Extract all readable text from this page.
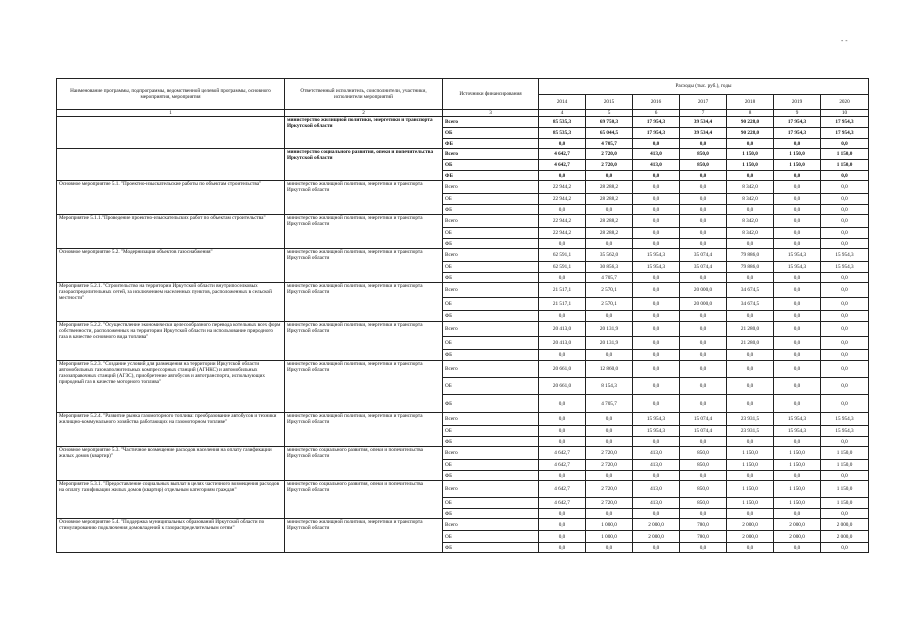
- -
Наименование программы, подпрограммы, ведомственной целевой программы, основного мероприятия, мероприятия	Ответственный исполнитель, соисполнители, участники, исполнители мероприятий	Источники финансирования	Расходы (тыс. руб.), годы						
			2014	2015	2016	2017	2018	2019	2020
1	2	3	4	5	6	7	8	9	10
	министерство жилищной политики, энергетики и транспорта Иркутской области	Всего	85 535,3	69 750,3	17 954,3	39 534,4	90 228,0	17 954,3	17 954,3
		ОБ	85 535,3	65 044,5	17 954,3	39 534,4	90 228,0	17 954,3	17 954,3
		ФБ	0,0	4 705,7	0,0	0,0	0,0	0,0	0,0
	министерство социального развития, опеки и попечительства Иркутской области	Всего	4 642,7	2 720,0	413,0	850,0	1 150,0	1 150,0	1 150,0
		ОБ	4 642,7	2 720,0	413,0	850,0	1 150,0	1 150,0	1 150,0
		ФБ	0,0	0,0	0,0	0,0	0,0	0,0	0,0
Основное мероприятие 5.1. "Проектно-изыскательские работы по объектам строительства"	министерство жилищной политики, энергетики и транспорта Иркутской области	Всего	22 944,2	28 288,2	0,0	0,0	8 342,0	0,0	0,0
		ОБ	22 944,2	28 288,2	0,0	0,0	8 342,0	0,0	0,0
		ФБ	0,0	0,0	0,0	0,0	0,0	0,0	0,0
Мероприятие 5.1.1."Проведение проектно-изыскательских работ по объектам строительства"	министерство жилищной политики, энергетики и транспорта Иркутской области	Всего	22 944,2	28 288,2	0,0	0,0	8 342,0	0,0	0,0
		ОБ	22 944,2	28 288,2	0,0	0,0	8 342,0	0,0	0,0
		ФБ	0,0	0,0	0,0	0,0	0,0	0,0	0,0
Основное мероприятие 5.2. "Модернизация объектов газоснабжения"	министерство жилищной политики, энергетики и транспорта Иркутской области	Всего	62 591,1	35 562,0	15 954,3	35 074,4	79 886,0	15 954,3	15 954,3
		ОБ	62 591,1	30 856,3	15 954,3	35 074,4	79 886,0	15 954,3	15 954,3
		ФБ	0,0	4 705,7	0,0	0,0	0,0	0,0	0,0
Мероприятие 5.2.1. "Строительство на территории Иркутской области внутрипоселковых газораспределительных сетей, за исключением населенных пунктов, расположенных в сельской местности"	министерство жилищной политики, энергетики и транспорта Иркутской области	Всего	21 517,1	2 570,1	0,0	20 000,0	34 674,5	0,0	0,0
		ОБ	21 517,1	2 570,1	0,0	20 000,0	34 674,5	0,0	0,0
		ФБ	0,0	0,0	0,0	0,0	0,0	0,0	0,0
Мероприятие 5.2.2. "Осуществление экономически целесообразного перевода котельных всех форм собственности, расположенных на территории Иркутской области на использование природного газа в качестве основного вида топлива"	министерство жилищной политики, энергетики и транспорта Иркутской области	Всего	20 413,0	20 131,9	0,0	0,0	21 280,0	0,0	0,0
		ОБ	20 413,0	20 131,9	0,0	0,0	21 280,0	0,0	0,0
		ФБ	0,0	0,0	0,0	0,0	0,0	0,0	0,0
Мероприятие 5.2.3. "Создание условий для размещения на территории Иркутской области автомобильных газонаполнительных компрессорных станций (АГНКС) и автомобильных газозаправочных станций (АГЗС), приобретение автобусов и автотранспорта, использующих природный газ в качестве моторного топлива"	министерство жилищной политики, энергетики и транспорта Иркутской области	Всего	20 661,0	12 860,0	0,0	0,0	0,0	0,0	0,0
		ОБ	20 661,0	8 154,3	0,0	0,0	0,0	0,0	0,0
		ФБ	0,0	4 705,7	0,0	0,0	0,0	0,0	0,0
Мероприятие 5.2.4. "Развитие рынка газомоторного топлива: преобразование автобусов и техники жилищно-коммунального хозяйства работающих на газомоторном топливе"	министерство жилищной политики, энергетики и транспорта Иркутской области	Всего	0,0	0,0	15 954,3	15 074,4	23 931,5	15 954,3	15 954,3
		ОБ	0,0	0,0	15 954,3	15 074,4	23 931,5	15 954,3	15 954,3
		ФБ	0,0	0,0	0,0	0,0	0,0	0,0	0,0
Основное мероприятие 5.3. "Частичное возмещение расходов населения на оплату газификации жилых домов (квартир)"	министерство социального развития, опеки и попечительства Иркутской области	Всего	4 642,7	2 720,0	413,0	850,0	1 150,0	1 150,0	1 150,0
		ОБ	4 642,7	2 720,0	413,0	850,0	1 150,0	1 150,0	1 150,0
		ФБ	0,0	0,0	0,0	0,0	0,0	0,0	0,0
Мероприятие 5.3.1. "Предоставление социальных выплат в целях частичного возмещения расходов на оплату газификации жилых домов (квартир) отдельным категориям граждан"	министерство социального развития, опеки и попечительства Иркутской области	Всего	4 642,7	2 720,0	413,0	850,0	1 150,0	1 150,0	1 150,0
		ОБ	4 642,7	2 720,0	413,0	850,0	1 150,0	1 150,0	1 150,0
		ФБ	0,0	0,0	0,0	0,0	0,0	0,0	0,0
Основное мероприятие 5.4. "Поддержка муниципальных образований Иркутской области по стимулированию подключения домовладений к газораспределительным сетям"	министерство жилищной политики, энергетики и транспорта Иркутской области	Всего	0,0	1 000,0	2 000,0	780,0	2 000,0	2 000,0	2 000,0
		ОБ	0,0	1 000,0	2 000,0	780,0	2 000,0	2 000,0	2 000,0
		ФБ	0,0	0,0	0,0	0,0	0,0	0,0	0,0
